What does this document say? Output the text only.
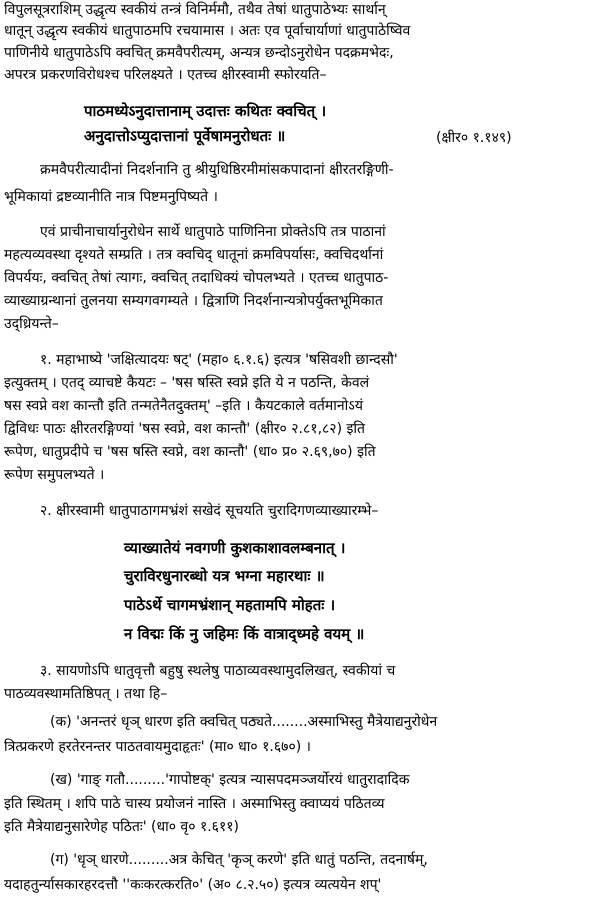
विपुलसूत्रराशिम् उद्धृत्य स्वकीयं तन्त्रं विनिर्ममौ, तथैव तेषां धातुपाठेभ्यः सार्थान्
धातून् उद्धृत्य स्वकीयं धातुपाठमपि रचयामास । अतः एव पूर्वाचार्याणां धातुपाठेष्विव
पाणिनीये धातुपाठेऽपि क्वचित् क्रमवैपरीत्यम्, अन्यत्र छन्दोऽनुरोधेन पदक्रमभेदः,
अपरत्र प्रकरणविरोधश्च परिलक्ष्यते । एतच्च क्षीरस्वामी स्फोरयति–
पाठमध्येऽनुदात्तानाम् उदात्तः कथितः क्वचित् ।
अनुदात्तोऽप्युदात्तानां पूर्वेषामनुरोधतः ॥	(क्षीर० १.१४९)
क्रमवैपरीत्यादीनां निदर्शनानि तु श्रीयुधिष्ठिरमीमांसकपादानां क्षीरतरङ्गिणी-
भूमिकायां द्रष्टव्यानीति नात्र पिष्टमनुपिष्यते ।
एवं प्राचीनाचार्यानुरोधेन सार्थे धातुपाठे पाणिनिना प्रोक्तेऽपि तत्र पाठानां
महत्यव्यवस्था दृश्यते सम्प्रति । तत्र क्वचिद् धातूनां क्रमविपर्यासः, क्वचिदर्थानां
विपर्ययः, क्वचित् तेषां त्यागः, क्वचित् तदाधिक्यं चोपलभ्यते । एतच्च धातुपाठ-
व्याख्याग्रन्थानां तुलनया सम्यगवगम्यते । द्वित्राणि निदर्शनान्यत्रोपर्युक्तभूमिकात
उद्ध्रियन्ते–
१. महाभाष्ये 'जक्षित्यादयः षट्' (महा० ६.१.६) इत्यत्र 'षसिवशी छान्दसौ'
इत्युक्तम् । एतद् व्याचष्टे कैयटः – 'षस षस्ति स्वप्ने इति ये न पठन्ति, केवलं
षस स्वप्ने वश कान्तौ इति तन्मतेनैतदुक्तम्' –इति । कैयटकाले वर्तमानोऽयं
द्विविधः पाठः क्षीरतरङ्गिण्यां 'षस स्वप्ने, वश कान्तौ' (क्षीर० २.८१,८२) इति
रूपेण, धातुप्रदीपे च 'षस षस्ति स्वप्ने, वश कान्तौ' (धा० प्र० २.६९,७०) इति
रूपेण समुपलभ्यते ।
२. क्षीरस्वामी धातुपाठागमभ्रंशं सखेदं सूचयति चुरादिगणव्याख्यारम्भे–
व्याख्यातेयं नवगणी कुशकाशावलम्बनात् ।
चुराविरधुनारब्धो यत्र भग्ना महारथाः ॥
पाठेऽर्थे चागमभ्रंशान् महतामपि मोहतः ।
न विद्मः किं नु जहिमः किं वात्राद्ध्महे वयम् ॥
३. सायणोऽपि धातुवृत्तौ बहुषु स्थलेषु पाठाव्यवस्थामुदलिखत्, स्वकीयां च
पाठव्यवस्थामतिष्ठिपत् । तथा हि–
(क) 'अनन्तरं धृञ् धारण इति क्वचित् पठ्यते........अस्माभिस्तु मैत्रेयाद्यनुरोधेन
त्रित्प्रकरणे हरतेरनन्तर पाठतवायमुदाहृतः' (मा० धा० १.६७०) ।
(ख) 'गाङ् गतौ.........'गापोष्टक्' इत्यत्र न्यासपदमञ्जर्योरयं धातुरादादिक
इति स्थितम् । शपि पाठे चास्य प्रयोजनं नास्ति । अस्माभिस्तु क्वाप्ययं पठितव्य
इति मैत्रेयाद्यनुसारेणेह पठितः' (धा० वृ० १.६११)
(ग) 'धृञ् धारणे.........अत्र केचित् 'कृञ् करणे' इति धातुं पठन्ति, तदनार्षम्,
यदाहतुर्न्यासकारहरदत्तौ ''कःकरत्करति०' (अ० ८.२.५०) इत्यत्र व्यत्ययेन शप्'
